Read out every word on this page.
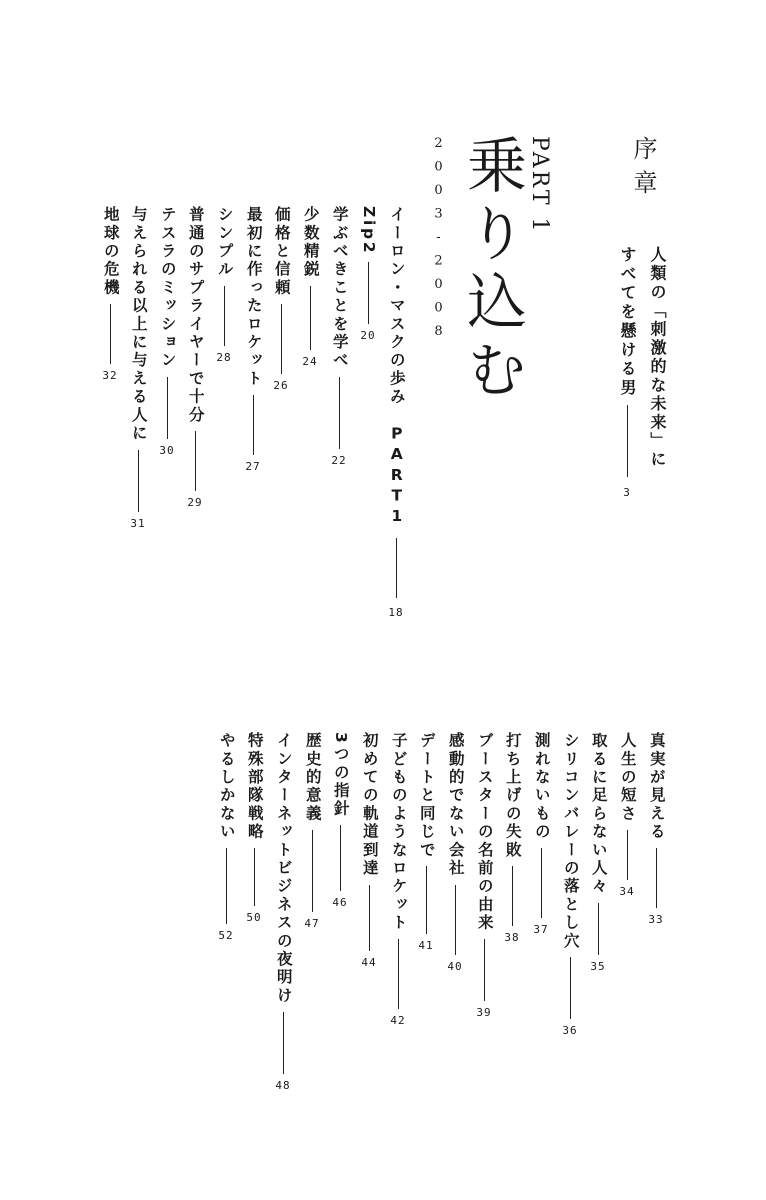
序章
人類の「刺激的な未来」に
すべてを懸ける男
3
PART 1
乗り込む
2003-2008
イーロン・マスクの歩み　PART1
18
Zip2
20
学ぶべきことを学べ
22
少数精鋭
24
価格と信頼
26
最初に作ったロケット
27
シンプル
28
普通のサプライヤーで十分
29
テスラのミッション
30
与えられる以上に与える人に
31
地球の危機
32
真実が見える
33
人生の短さ
34
取るに足らない人々
35
シリコンバレーの落とし穴
36
測れないもの
37
打ち上げの失敗
38
ブースターの名前の由来
39
感動的でない会社
40
デートと同じで
41
子どものようなロケット
42
初めての軌道到達
44
3つの指針
46
歴史的意義
47
インターネットビジネスの夜明け
48
特殊部隊戦略
50
やるしかない
52
